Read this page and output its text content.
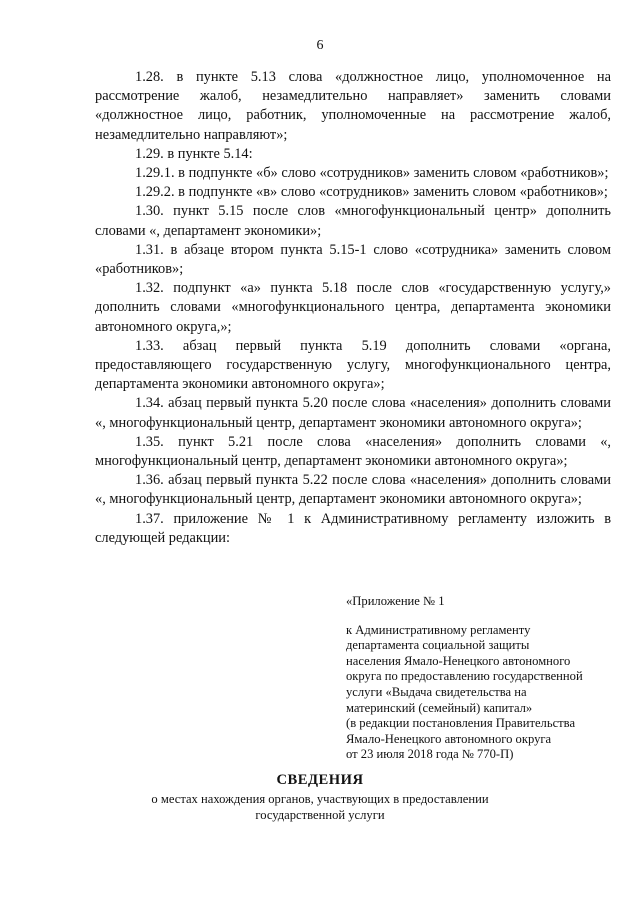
6

1.28. в пункте 5.13 слова «должностное лицо, уполномоченное на рассмотрение жалоб, незамедлительно направляет» заменить словами «должностное лицо, работник, уполномоченные на рассмотрение жалоб, незамедлительно направляют»;

1.29. в пункте 5.14:

1.29.1. в подпункте «б» слово «сотрудников» заменить словом «работников»;

1.29.2. в подпункте «в» слово «сотрудников» заменить словом «работников»;

1.30. пункт 5.15 после слов «многофункциональный центр» дополнить словами «, департамент экономики»;

1.31. в абзаце втором пункта 5.15-1 слово «сотрудника» заменить словом «работников»;

1.32. подпункт «а» пункта 5.18 после слов «государственную услугу,» дополнить словами «многофункционального центра, департамента экономики автономного округа,»;

1.33. абзац первый пункта 5.19 дополнить словами «органа, предоставляющего государственную услугу, многофункционального центра, департамента экономики автономного округа»;

1.34. абзац первый пункта 5.20 после слова «населения» дополнить словами «, многофункциональный центр, департамент экономики автономного округа»;

1.35. пункт 5.21 после слова «населения» дополнить словами «, многофункциональный центр, департамент экономики автономного округа»;

1.36. абзац первый пункта 5.22 после слова «населения» дополнить словами «, многофункциональный центр, департамент экономики автономного округа»;

1.37. приложение № 1 к Административному регламенту изложить в следующей редакции:

«Приложение № 1

к Административному регламенту
департамента социальной защиты
населения Ямало-Ненецкого автономного
округа по предоставлению государственной
услуги «Выдача свидетельства на
материнский (семейный) капитал»
(в редакции постановления Правительства
Ямало-Ненецкого автономного округа
от 23 июля 2018 года № 770-П)
СВЕДЕНИЯ
о местах нахождения органов, участвующих в предоставлении
государственной услуги
